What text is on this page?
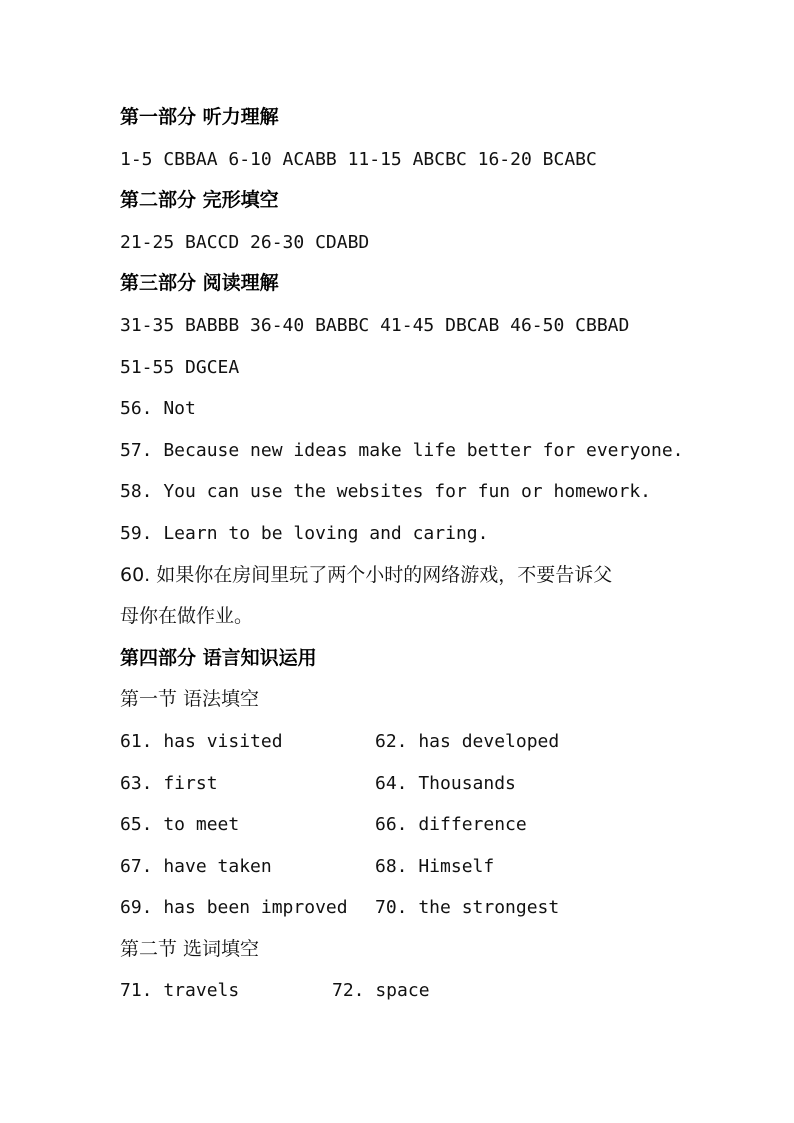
第一部分 听力理解
1-5 CBBAA 6-10 ACABB 11-15 ABCBC 16-20 BCABC
第二部分 完形填空
21-25 BACCD 26-30 CDABD
第三部分 阅读理解
31-35 BABBB 36-40 BABBC 41-45 DBCAB 46-50 CBBAD
51-55 DGCEA
56. Not
57. Because new ideas make life better for everyone.
58. You can use the websites for fun or homework.
59. Learn to be loving and caring.
60. 如果你在房间里玩了两个小时的网络游戏，不要告诉父
母你在做作业。
第四部分 语言知识运用
第一节 语法填空
61. has visited	62. has developed
63. first	64. Thousands
65. to meet	66. difference
67. have taken	68. Himself
69. has been improved	70. the strongest
第二节 选词填空
71. travels	72. space
